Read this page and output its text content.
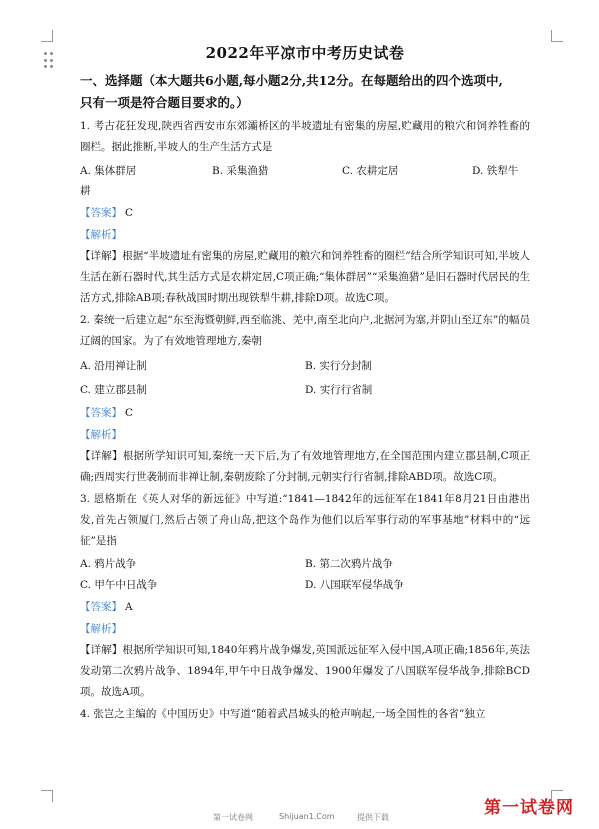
2022年平凉市中考历史试卷
一、选择题（本大题共6小题,每小题2分,共12分。在每题给出的四个选项中,
只有一项是符合题目要求的。）
1. 考古花狂发现,陕西省西安市东郊灞桥区的半坡遗址有密集的房屋,贮藏用的粮穴和饲养牲畜的圈栏。据此推断,半坡人的生产生活方式是
A. 集体群居	B. 采集渔猎	C. 农耕定居	D. 铁犁牛
耕
【答案】 C
【解析】
【详解】根据“半坡遗址有密集的房屋,贮藏用的粮穴和饲养牲畜的圈栏”结合所学知识可知,半坡人生活在新石器时代,其生活方式是农耕定居,C项正确;“集体群居”“采集渔猎”是旧石器时代居民的生活方式,排除AB项;春秋战国时期出现铁犁牛耕,排除D项。故选C项。
2. 秦统一后建立起“东至海暨朝鲜,西至临洮、羌中,南至北向户,北据河为塞,并阴山至辽东”的幅员辽阔的国家。为了有效地管理地方,秦朝
A. 沿用禅让制	B. 实行分封制
C. 建立郡县制	D. 实行行省制
【答案】 C
【解析】
【详解】根据所学知识可知,秦统一天下后,为了有效地管理地方,在全国范围内建立郡县制,C项正确;西周实行世袭制而非禅让制,秦朝废除了分封制,元朝实行行省制,排除ABD项。故选C项。
3. 恩格斯在《英人对华的新远征》中写道:“1841—1842年的远征军在1841年8月21日由港出发,首先占领厦门,然后占领了舟山岛,把这个岛作为他们以后军事行动的军事基地”材料中的“远征”是指
A. 鸦片战争	B. 第二次鸦片战争
C. 甲午中日战争	D. 八国联军侵华战争
【答案】 A
【解析】
【详解】根据所学知识可知,1840年鸦片战争爆发,英国派远征军入侵中国,A项正确;1856年,英法发动第二次鸦片战争、1894年,甲午中日战争爆发、1900年爆发了八国联军侵华战争,排除BCD项。故选A项。
4. 张岂之主编的《中国历史》中写道“随着武昌城头的枪声响起,一场全国性的各省”独立
第一试卷网	Shijuan1.Com	提供下载	第一试卷网
